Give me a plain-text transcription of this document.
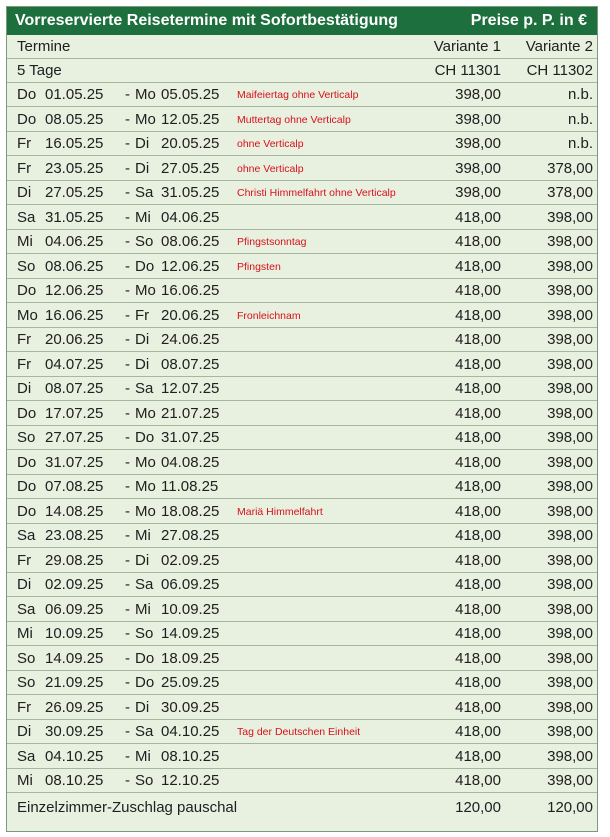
Vorreservierte Reisetermine mit Sofortbestätigung	Preise p. P. in €
Termine	Variante 1	Variante 2
5 Tage	CH 11301	CH 11302
Do 01.05.25 - Mo 05.05.25 Maifeiertag ohne Verticalp	398,00	n.b.
Do 08.05.25 - Mo 12.05.25 Muttertag ohne Verticalp	398,00	n.b.
Fr 16.05.25 - Di 20.05.25 ohne Verticalp	398,00	n.b.
Fr 23.05.25 - Di 27.05.25 ohne Verticalp	398,00	378,00
Di 27.05.25 - Sa 31.05.25 Christi Himmelfahrt ohne Verticalp	398,00	378,00
Sa 31.05.25 - Mi 04.06.25	418,00	398,00
Mi 04.06.25 - So 08.06.25 Pfingstsonntag	418,00	398,00
So 08.06.25 - Do 12.06.25 Pfingsten	418,00	398,00
Do 12.06.25 - Mo 16.06.25	418,00	398,00
Mo 16.06.25 - Fr 20.06.25 Fronleichnam	418,00	398,00
Fr 20.06.25 - Di 24.06.25	418,00	398,00
Fr 04.07.25 - Di 08.07.25	418,00	398,00
Di 08.07.25 - Sa 12.07.25	418,00	398,00
Do 17.07.25 - Mo 21.07.25	418,00	398,00
So 27.07.25 - Do 31.07.25	418,00	398,00
Do 31.07.25 - Mo 04.08.25	418,00	398,00
Do 07.08.25 - Mo 11.08.25	418,00	398,00
Do 14.08.25 - Mo 18.08.25 Mariä Himmelfahrt	418,00	398,00
Sa 23.08.25 - Mi 27.08.25	418,00	398,00
Fr 29.08.25 - Di 02.09.25	418,00	398,00
Di 02.09.25 - Sa 06.09.25	418,00	398,00
Sa 06.09.25 - Mi 10.09.25	418,00	398,00
Mi 10.09.25 - So 14.09.25	418,00	398,00
So 14.09.25 - Do 18.09.25	418,00	398,00
So 21.09.25 - Do 25.09.25	418,00	398,00
Fr 26.09.25 - Di 30.09.25	418,00	398,00
Di 30.09.25 - Sa 04.10.25 Tag der Deutschen Einheit	418,00	398,00
Sa 04.10.25 - Mi 08.10.25	418,00	398,00
Mi 08.10.25 - So 12.10.25	418,00	398,00
Einzelzimmer-Zuschlag pauschal	120,00	120,00
